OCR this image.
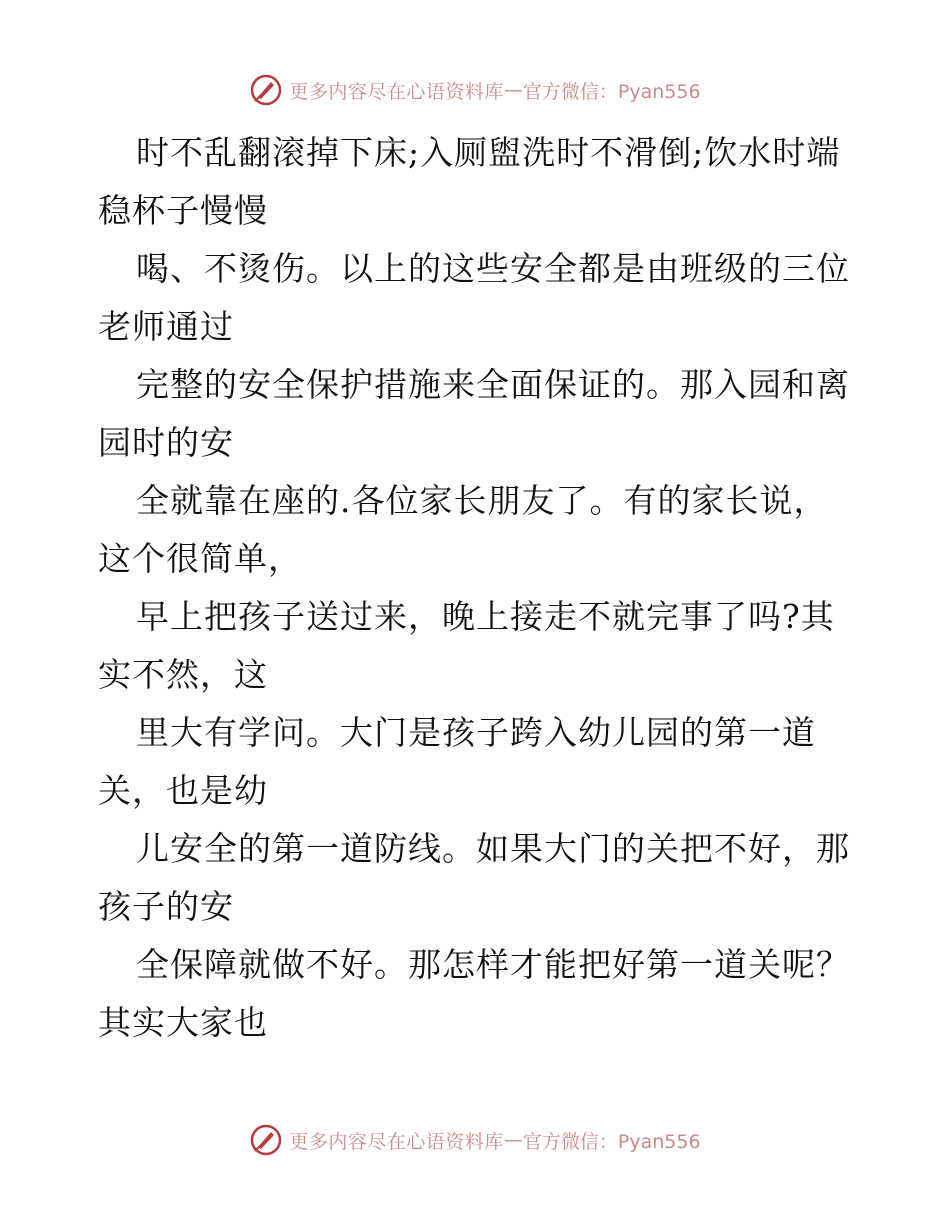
更多内容尽在心语资料库 — 官方微信：Pyan556

时不乱翻滚掉下床;入厕盥洗时不滑倒;饮水时端
稳杯子慢慢

喝、不烫伤。以上的这些安全都是由班级的三位
老师通过

完整的安全保护措施来全面保证的。那入园和离
园时的安

全就靠在座的.各位家长朋友了。有的家长说，
这个很简单，

早上把孩子送过来，晚上接走不就完事了吗?其
实不然，这

里大有学问。大门是孩子跨入幼儿园的第一道
关，也是幼

儿安全的第一道防线。如果大门的关把不好，那
孩子的安

全保障就做不好。那怎样才能把好第一道关呢？
其实大家也

更多内容尽在心语资料库 — 官方微信：Pyan556
